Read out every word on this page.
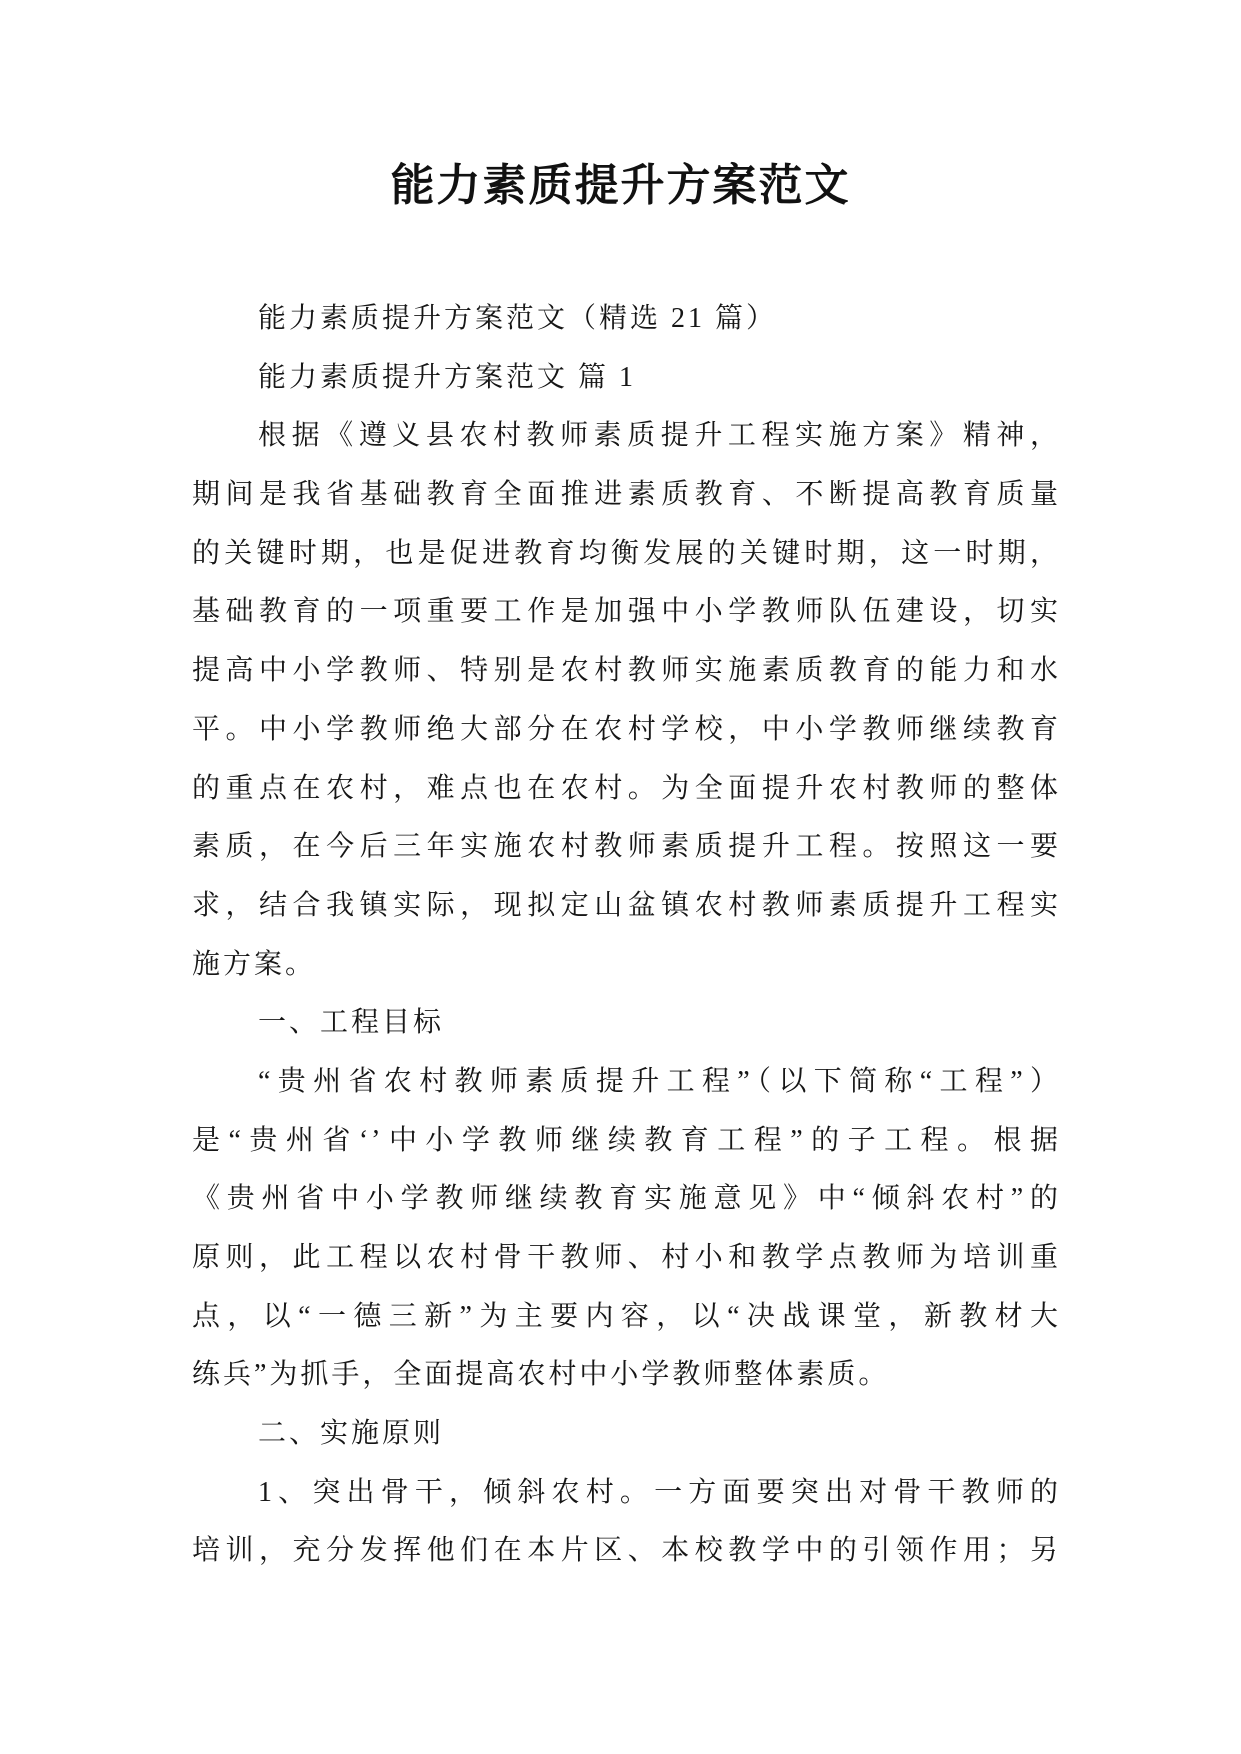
能力素质提升方案范文
能力素质提升方案范文（精选 21 篇）
能力素质提升方案范文 篇 1
根据《遵义县农村教师素质提升工程实施方案》精神，
期间是我省基础教育全面推进素质教育、不断提高教育质量
的关键时期，也是促进教育均衡发展的关键时期，这一时期，
基础教育的一项重要工作是加强中小学教师队伍建设，切实
提高中小学教师、特别是农村教师实施素质教育的能力和水
平。中小学教师绝大部分在农村学校，中小学教师继续教育
的重点在农村，难点也在农村。为全面提升农村教师的整体
素质，在今后三年实施农村教师素质提升工程。按照这一要
求，结合我镇实际，现拟定山盆镇农村教师素质提升工程实
施方案。
一、工程目标
“贵州省农村教师素质提升工程”（以下简称“工程”）
是“贵州省‘’中小学教师继续教育工程”的子工程。根据
《贵州省中小学教师继续教育实施意见》中“倾斜农村”的
原则，此工程以农村骨干教师、村小和教学点教师为培训重
点，以“一德三新”为主要内容，以“决战课堂，新教材大
练兵”为抓手，全面提高农村中小学教师整体素质。
二、实施原则
1、突出骨干，倾斜农村。一方面要突出对骨干教师的
培训，充分发挥他们在本片区、本校教学中的引领作用；另
